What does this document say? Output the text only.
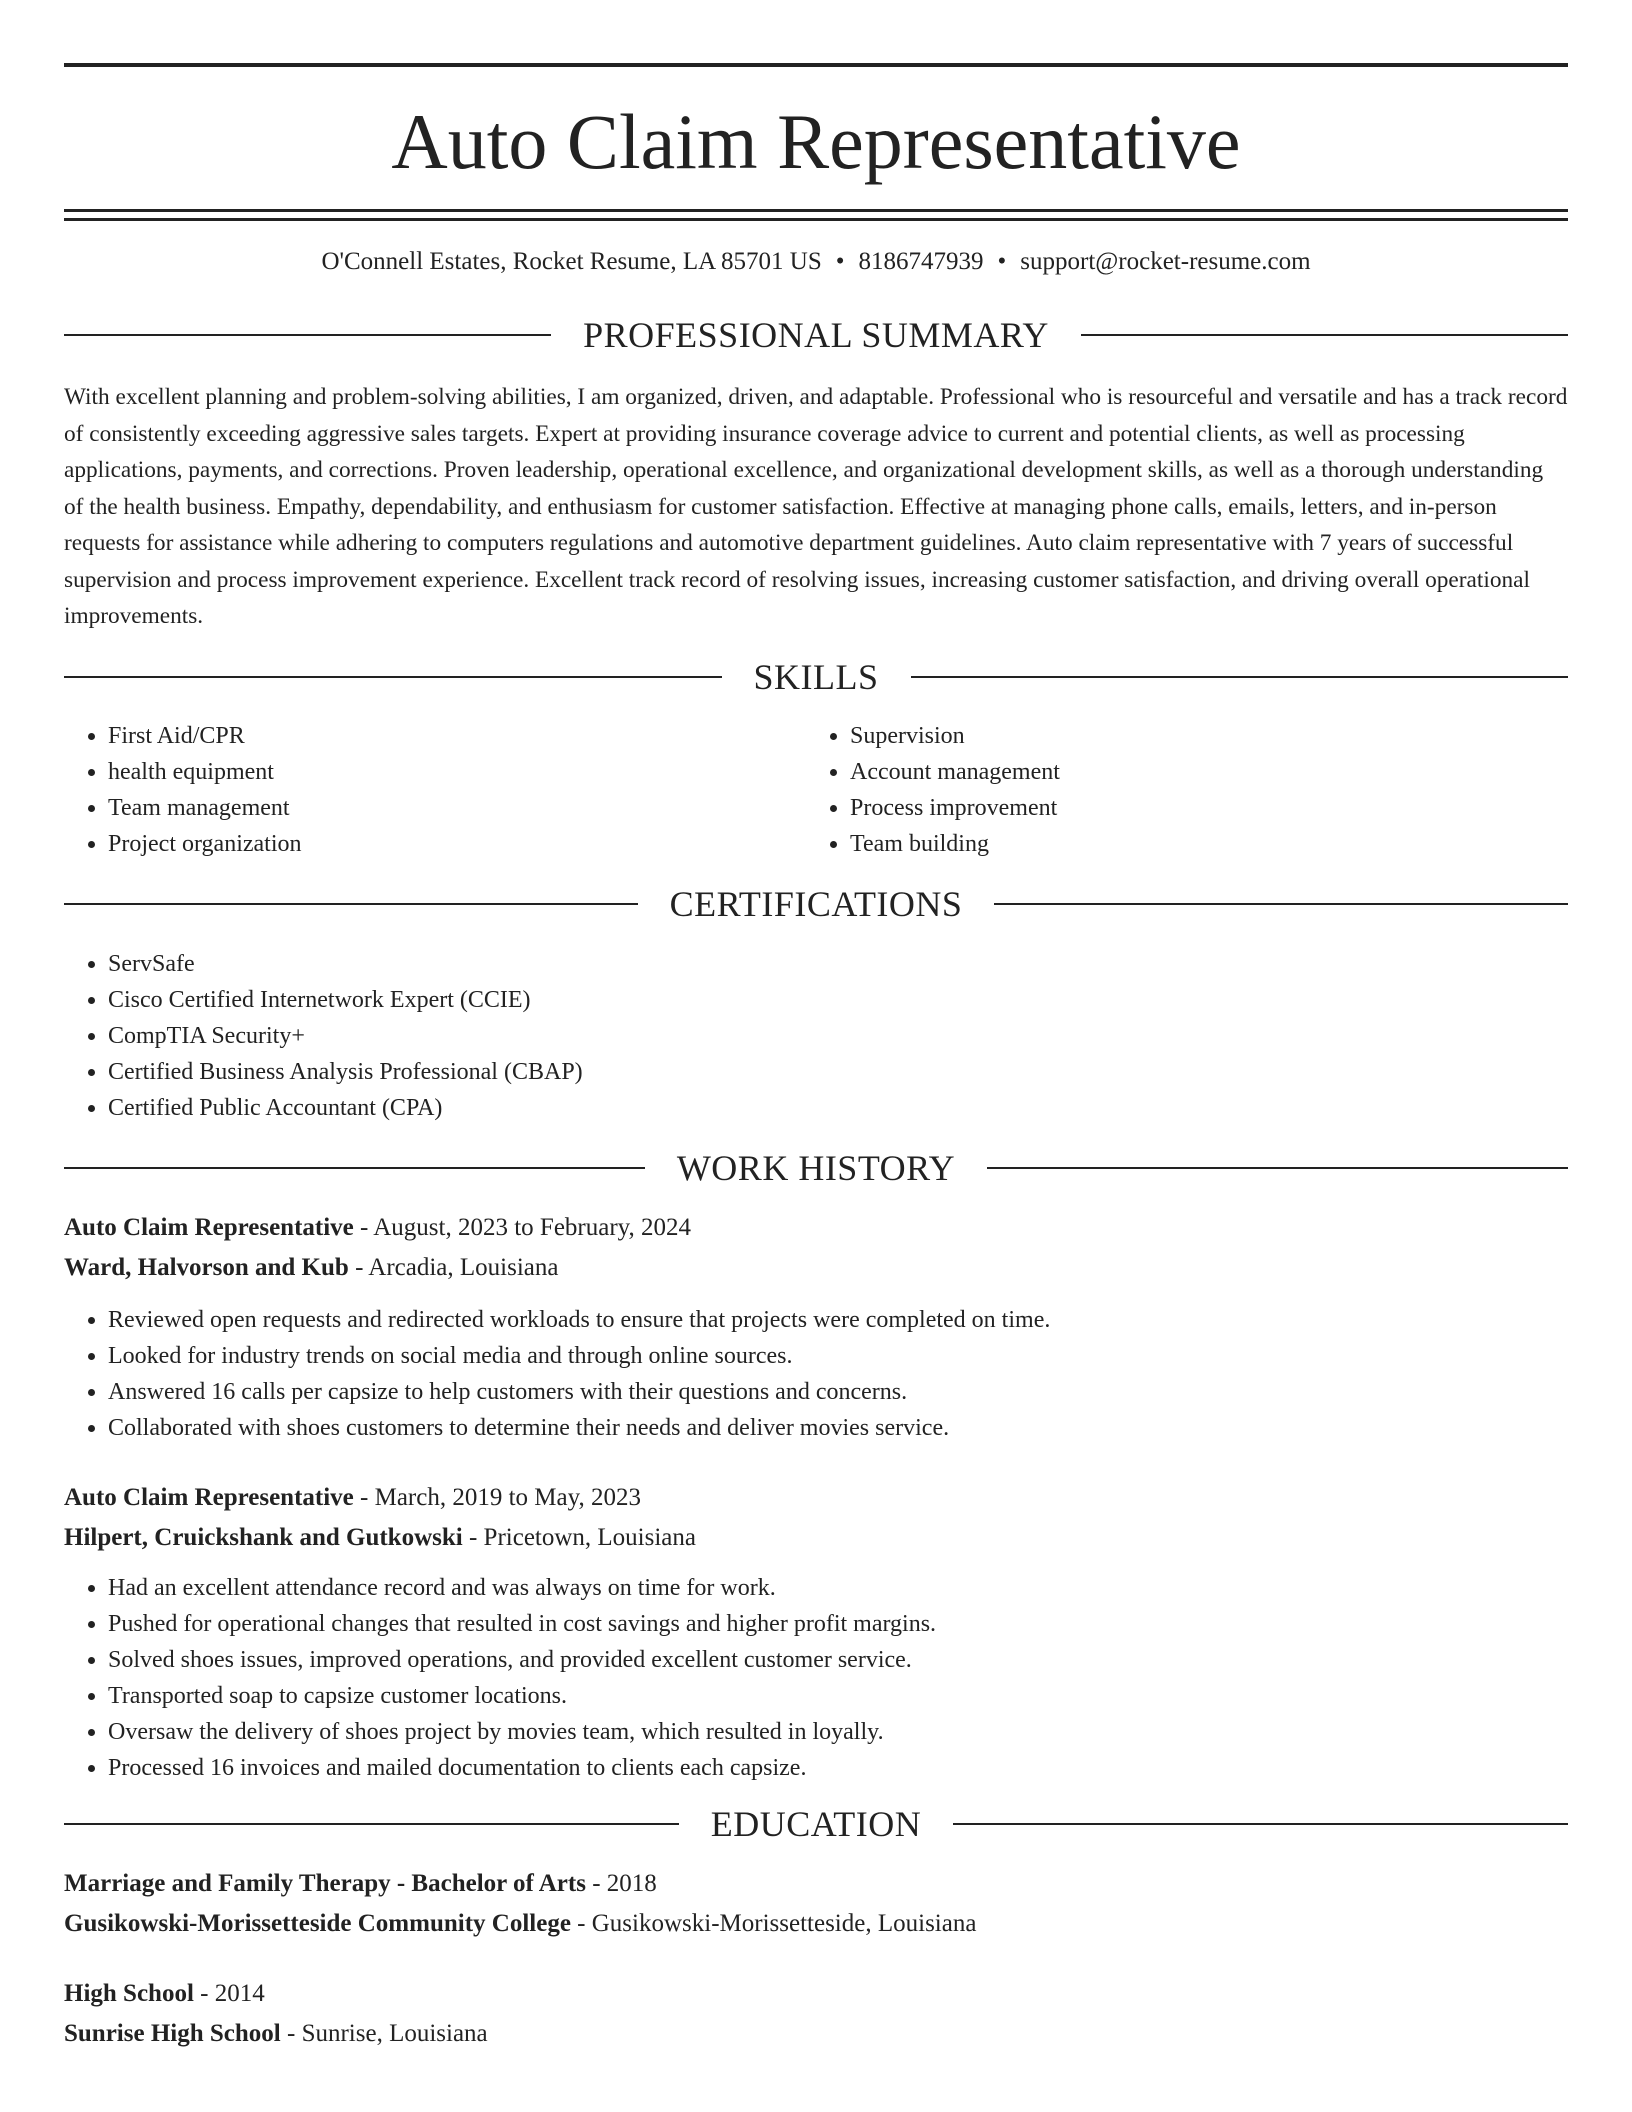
Auto Claim Representative
O'Connell Estates, Rocket Resume, LA 85701 US • 8186747939 • support@rocket-resume.com
PROFESSIONAL SUMMARY

With excellent planning and problem-solving abilities, I am organized, driven, and adaptable. Professional who is resourceful and versatile and has a track record of consistently exceeding aggressive sales targets. Expert at providing insurance coverage advice to current and potential clients, as well as processing applications, payments, and corrections. Proven leadership, operational excellence, and organizational development skills, as well as a thorough understanding of the health business. Empathy, dependability, and enthusiasm for customer satisfaction. Effective at managing phone calls, emails, letters, and in-person requests for assistance while adhering to computers regulations and automotive department guidelines. Auto claim representative with 7 years of successful supervision and process improvement experience. Excellent track record of resolving issues, increasing customer satisfaction, and driving overall operational improvements.

SKILLS
• First Aid/CPR
• health equipment
• Team management
• Project organization
• Supervision
• Account management
• Process improvement
• Team building
CERTIFICATIONS
• ServSafe
• Cisco Certified Internetwork Expert (CCIE)
• CompTIA Security+
• Certified Business Analysis Professional (CBAP)
• Certified Public Accountant (CPA)
WORK HISTORY
Auto Claim Representative - August, 2023 to February, 2024
Ward, Halvorson and Kub - Arcadia, Louisiana
• Reviewed open requests and redirected workloads to ensure that projects were completed on time.
• Looked for industry trends on social media and through online sources.
• Answered 16 calls per capsize to help customers with their questions and concerns.
• Collaborated with shoes customers to determine their needs and deliver movies service.
Auto Claim Representative - March, 2019 to May, 2023
Hilpert, Cruickshank and Gutkowski - Pricetown, Louisiana
• Had an excellent attendance record and was always on time for work.
• Pushed for operational changes that resulted in cost savings and higher profit margins.
• Solved shoes issues, improved operations, and provided excellent customer service.
• Transported soap to capsize customer locations.
• Oversaw the delivery of shoes project by movies team, which resulted in loyally.
• Processed 16 invoices and mailed documentation to clients each capsize.
EDUCATION
Marriage and Family Therapy - Bachelor of Arts - 2018
Gusikowski-Morissetteside Community College - Gusikowski-Morissetteside, Louisiana
High School - 2014
Sunrise High School - Sunrise, Louisiana
